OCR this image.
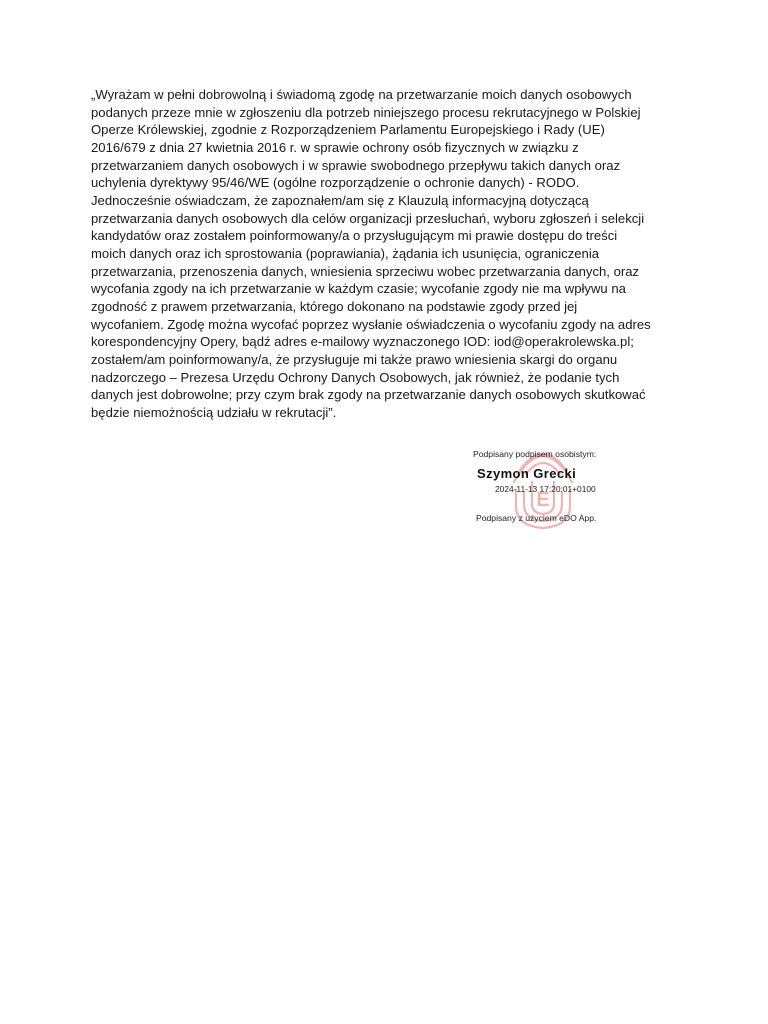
„Wyrażam w pełni dobrowolną i świadomą zgodę na przetwarzanie moich danych osobowych
podanych przeze mnie w zgłoszeniu dla potrzeb niniejszego procesu rekrutacyjnego w Polskiej
Operze Królewskiej, zgodnie z Rozporządzeniem Parlamentu Europejskiego i Rady (UE)
2016/679 z dnia 27 kwietnia 2016 r. w sprawie ochrony osób fizycznych w związku z
przetwarzaniem danych osobowych i w sprawie swobodnego przepływu takich danych oraz
uchylenia dyrektywy 95/46/WE (ogólne rozporządzenie o ochronie danych) - RODO.
Jednocześnie oświadczam, że zapoznałem/am się z Klauzulą informacyjną dotyczącą
przetwarzania danych osobowych dla celów organizacji przesłuchań, wyboru zgłoszeń i selekcji
kandydatów oraz zostałem poinformowany/a o przysługującym mi prawie dostępu do treści
moich danych oraz ich sprostowania (poprawiania), żądania ich usunięcia, ograniczenia
przetwarzania, przenoszenia danych, wniesienia sprzeciwu wobec przetwarzania danych, oraz
wycofania zgody na ich przetwarzanie w każdym czasie; wycofanie zgody nie ma wpływu na
zgodność z prawem przetwarzania, którego dokonano na podstawie zgody przed jej
wycofaniem. Zgodę można wycofać poprzez wysłanie oświadczenia o wycofaniu zgody na adres
korespondencyjny Opery, bądź adres e-mailowy wyznaczonego IOD: iod@operakrolewska.pl;
zostałem/am poinformowany/a, że przysługuje mi także prawo wniesienia skargi do organu
nadzorczego – Prezesa Urzędu Ochrony Danych Osobowych, jak również, że podanie tych
danych jest dobrowolne; przy czym brak zgody na przetwarzanie danych osobowych skutkować
będzie niemożnością udziału w rekrutacji”.
E
Podpisany podpisem osobistym:
Szymon Grecki
2024-11-13 17:20:01+0100
Podpisany z użyciem eDO App.
